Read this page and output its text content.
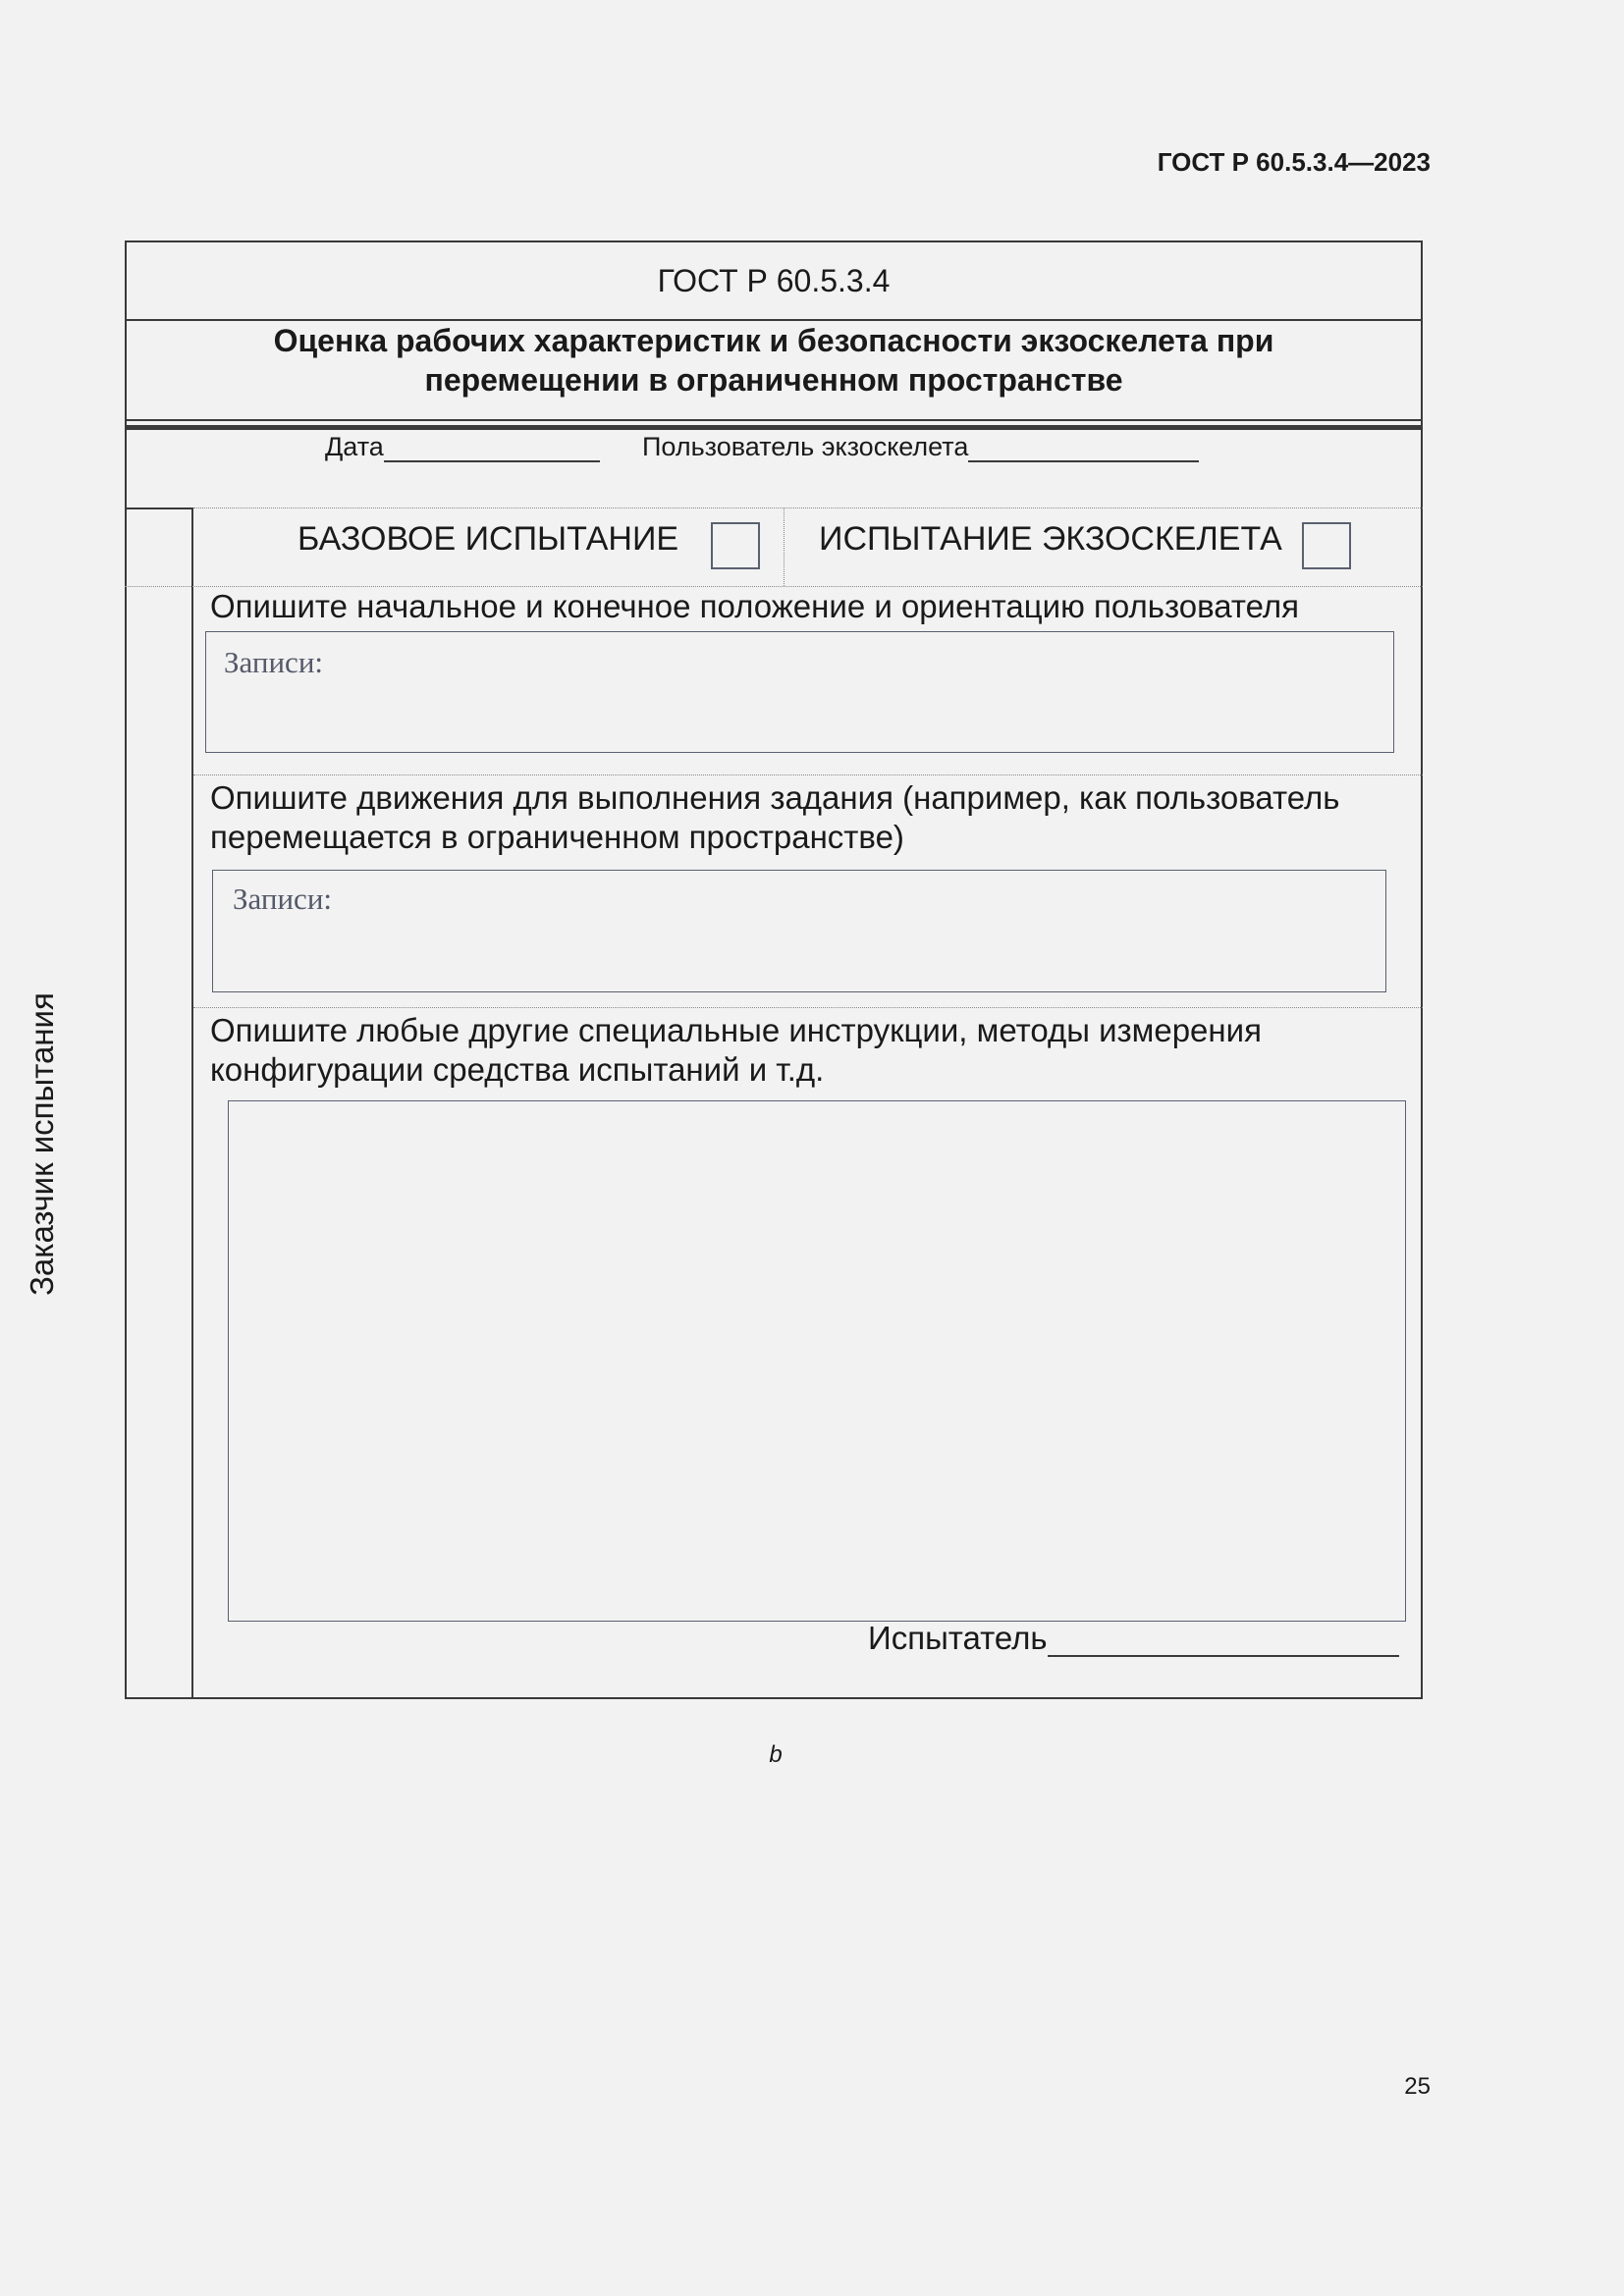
ГОСТ Р 60.5.3.4—2023
ГОСТ Р 60.5.3.4
Оценка рабочих характеристик и безопасности экзоскелета при
перемещении в ограниченном пространстве
Дата	Пользователь экзоскелета
Заказчик испытания
БАЗОВОЕ ИСПЫТАНИЕ	ИСПЫТАНИЕ ЭКЗОСКЕЛЕТА
Опишите начальное и конечное положение и ориентацию пользователя
Записи:
Опишите движения для выполнения задания (например, как пользователь
перемещается в ограниченном пространстве)
Записи:
Опишите любые другие специальные инструкции, методы измерения
конфигурации средства испытаний и т.д.
Испытатель
b
25
